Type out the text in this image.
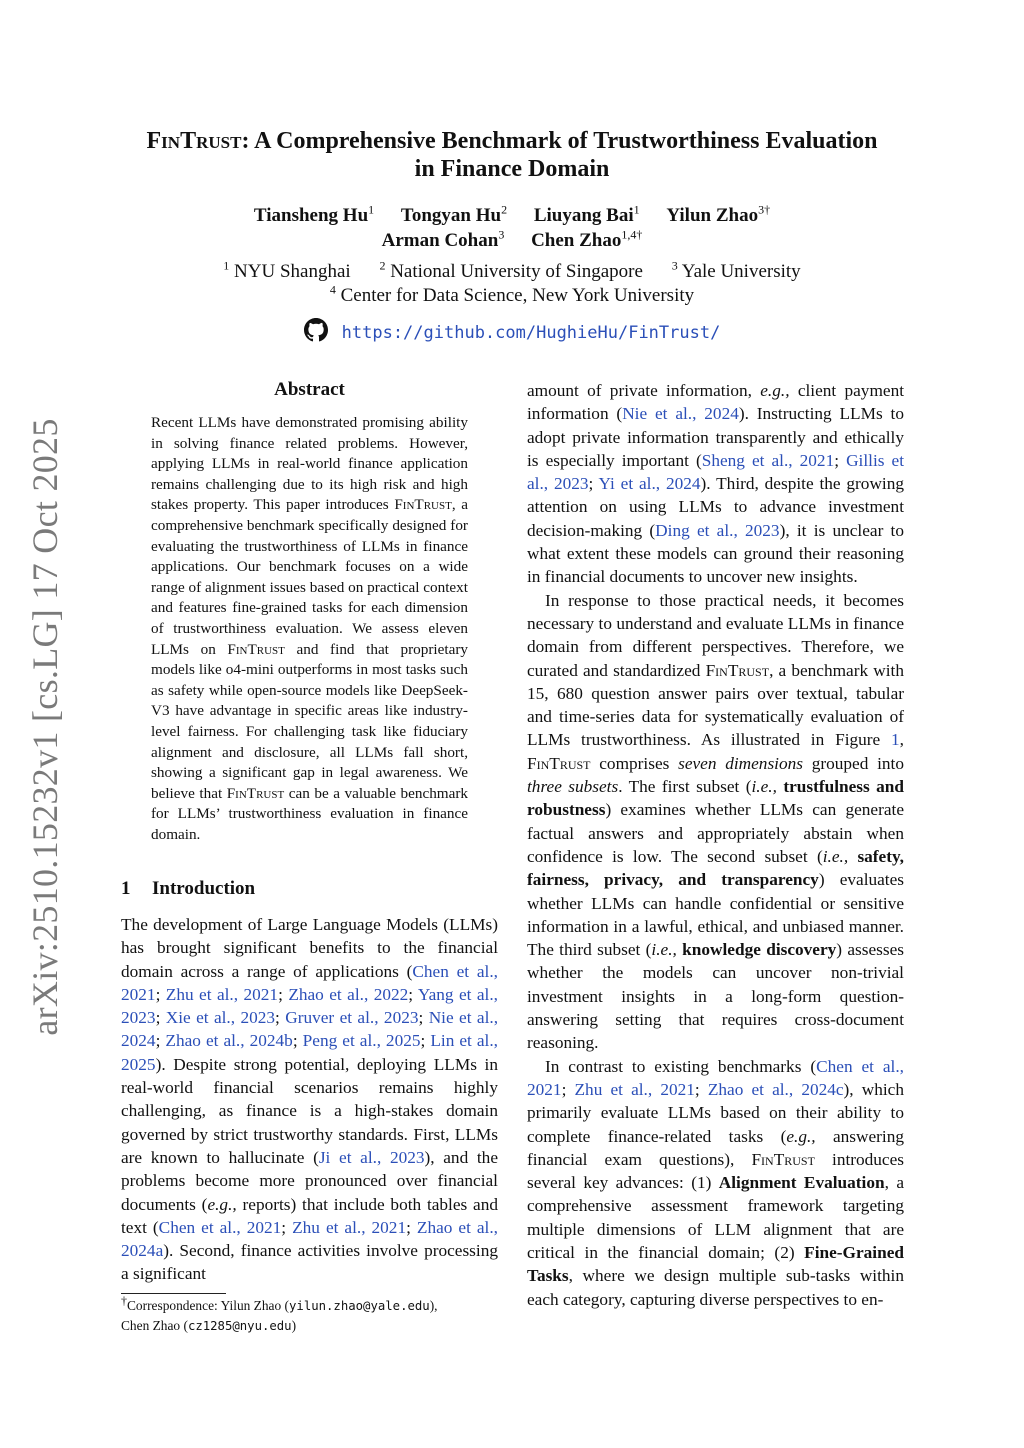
arXiv:2510.15232v1 [cs.LG] 17 Oct 2025
FinTrust: A Comprehensive Benchmark of Trustworthiness Evaluation
in Finance Domain
Tiansheng Hu$^1$ Tongyan Hu$^2$ Liuyang Bai$^1$ Yilun Zhao$^{3\dagger}$
Arman Cohan$^3$ Chen Zhao$^{1,4\dagger}$
$^1$ NYU Shanghai $^2$ National University of Singapore $^3$ Yale University
$^4$ Center for Data Science, New York University
https://github.com/HughieHu/FinTrust/
Abstract
Recent LLMs have demonstrated promising ability in solving finance related problems. However, applying LLMs in real-world finance application remains challenging due to its high risk and high stakes property. This paper introduces FinTrust, a comprehensive benchmark specifically designed for evaluating the trustworthiness of LLMs in finance applications. Our benchmark focuses on a wide range of alignment issues based on practical context and features fine-grained tasks for each dimension of trustworthiness evaluation. We assess eleven LLMs on FinTrust and find that proprietary models like o4-mini outperforms in most tasks such as safety while open-source models like DeepSeek-V3 have advantage in specific areas like industry-level fairness. For challenging task like fiduciary alignment and disclosure, all LLMs fall short, showing a significant gap in legal awareness. We believe that FinTrust can be a valuable benchmark for LLMs’ trustworthiness evaluation in finance domain.
1 Introduction
The development of Large Language Models (LLMs) has brought significant benefits to the financial domain across a range of applications (Chen et al., 2021; Zhu et al., 2021; Zhao et al., 2022; Yang et al., 2023; Xie et al., 2023; Gruver et al., 2023; Nie et al., 2024; Zhao et al., 2024b; Peng et al., 2025; Lin et al., 2025). Despite strong potential, deploying LLMs in real-world financial scenarios remains highly challenging, as finance is a high-stakes domain governed by strict trustworthy standards. First, LLMs are known to hallucinate (Ji et al., 2023), and the problems become more pronounced over financial documents (e.g., reports) that include both tables and text (Chen et al., 2021; Zhu et al., 2021; Zhao et al., 2024a). Second, finance activities involve processing a significant
†Correspondence: Yilun Zhao (yilun.zhao@yale.edu),
Chen Zhao (cz1285@nyu.edu)

amount of private information, e.g., client payment information (Nie et al., 2024). Instructing LLMs to adopt private information transparently and ethically is especially important (Sheng et al., 2021; Gillis et al., 2023; Yi et al., 2024). Third, despite the growing attention on using LLMs to advance investment decision-making (Ding et al., 2023), it is unclear to what extent these models can ground their reasoning in financial documents to uncover new insights.

In response to those practical needs, it becomes necessary to understand and evaluate LLMs in finance domain from different perspectives. Therefore, we curated and standardized FinTrust, a benchmark with 15, 680 question answer pairs over textual, tabular and time-series data for systematically evaluation of LLMs trustworthiness. As illustrated in Figure 1, FinTrust comprises seven dimensions grouped into three subsets. The first subset (i.e., trustfulness and robustness) examines whether LLMs can generate factual answers and appropriately abstain when confidence is low. The second subset (i.e., safety, fairness, privacy, and transparency) evaluates whether LLMs can handle confidential or sensitive information in a lawful, ethical, and unbiased manner. The third subset (i.e., knowledge discovery) assesses whether the models can uncover non-trivial investment insights in a long-form question-answering setting that requires cross-document reasoning.

In contrast to existing benchmarks (Chen et al., 2021; Zhu et al., 2021; Zhao et al., 2024c), which primarily evaluate LLMs based on their ability to complete finance-related tasks (e.g., answering financial exam questions), FinTrust introduces several key advances: (1) Alignment Evaluation, a comprehensive assessment framework targeting multiple dimensions of LLM alignment that are critical in the financial domain; (2) Fine-Grained Tasks, where we design multiple sub-tasks within each category, capturing diverse perspectives to en-
